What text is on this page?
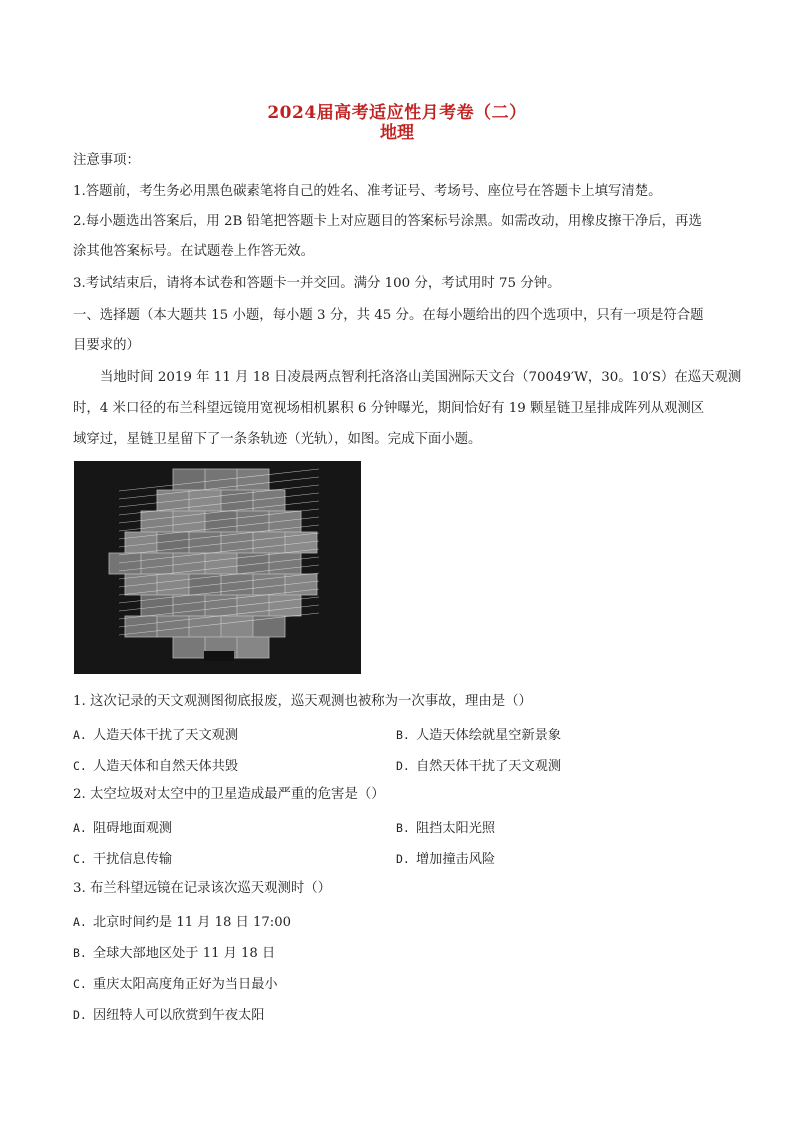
2024届高考适应性月考卷（二）
地理
注意事项：
1.答题前，考生务必用黑色碳素笔将自己的姓名、准考证号、考场号、座位号在答题卡上填写清楚。
2.每小题选出答案后，用 2B 铅笔把答题卡上对应题目的答案标号涂黑。如需改动，用橡皮擦干净后，再选
涂其他答案标号。在试题卷上作答无效。
3.考试结束后，请将本试卷和答题卡一并交回。满分 100 分，考试用时 75 分钟。
一、选择题（本大题共 15 小题，每小题 3 分，共 45 分。在每小题给出的四个选项中，只有一项是符合题
目要求的）
当地时间 2019 年 11 月 18 日凌晨两点智利托洛洛山美国洲际天文台（70049′W，30。10′S）在巡天观测
时，4 米口径的布兰科望远镜用宽视场相机累积 6 分钟曝光，期间恰好有 19 颗星链卫星排成阵列从观测区
域穿过，星链卫星留下了一条条轨迹（光轨），如图。完成下面小题。
1. 这次记录的天文观测图彻底报废，巡天观测也被称为一次事故，理由是（）
A. 人造天体干扰了天文观测	B. 人造天体绘就星空新景象
C. 人造天体和自然天体共毁	D. 自然天体干扰了天文观测
2. 太空垃圾对太空中的卫星造成最严重的危害是（）
A. 阻碍地面观测	B. 阻挡太阳光照
C. 干扰信息传输	D. 增加撞击风险
3. 布兰科望远镜在记录该次巡天观测时（）
A. 北京时间约是 11 月 18 日 17:00
B. 全球大部地区处于 11 月 18 日
C. 重庆太阳高度角正好为当日最小
D. 因纽特人可以欣赏到午夜太阳
